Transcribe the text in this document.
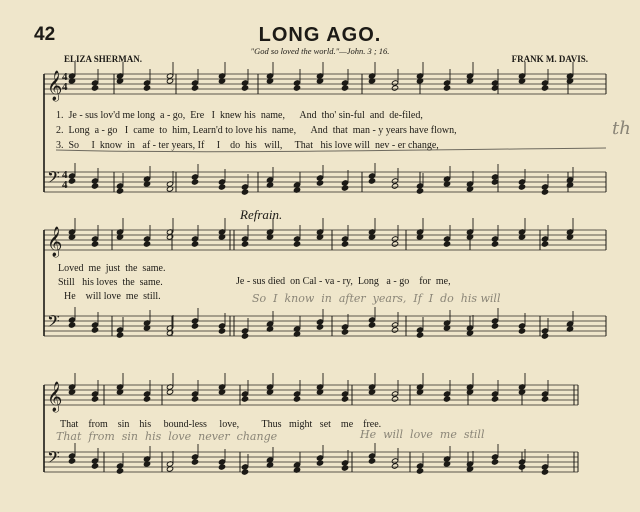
𝄞
𝄢
𝄞
𝄢
𝄞
𝄢
4
4
4
4
42	LONG AGO.
ELIZA SHERMAN.	FRANK M. DAVIS.
"God so loved the world."—John. 3 ; 16.
1.  Je - sus lov'd me long  a - go,  Ere   I  knew his  name,      And  tho' sin-ful  and  de-filed,
2.  Long  a - go   I  came  to  him, Learn'd to love his  name,      And  that  man - y years have flown,
3.  So     I  know  in   af - ter years, If     I    do  his   will,     That   his love will  nev - er change,
Refrain.
Loved  me  just  the  same.
Still   his loves  the  same.
He    will love  me  still.
Je - sus died  on Cal - va - ry,  Long   a - go    for  me,
That    from    sin    his     bound-less     love,         Thus   might   set    me    free.
th
So  I  know  in  after  years,  If  I  do  his will
That  from  sin  his  love  never  change	He  will  love  me  still
